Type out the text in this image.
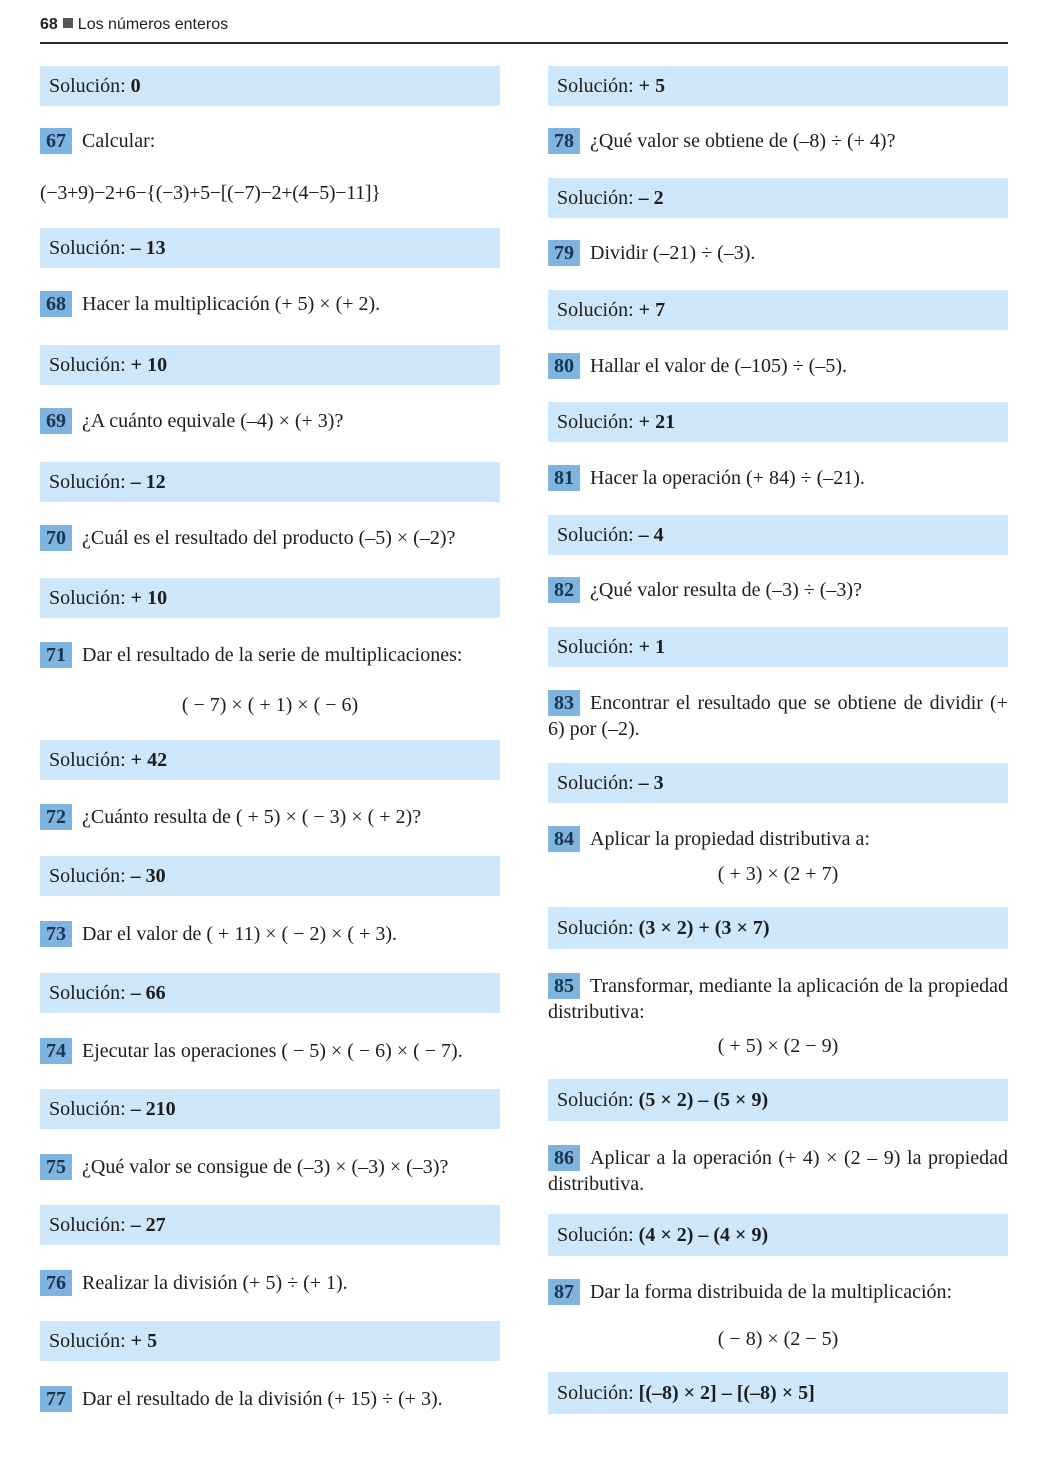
68 Los números enteros
Solución: 0
67 Calcular:
(−3+9)−2+6−{(−3)+5−[(−7)−2+(4−5)−11]}
Solución: – 13
68 Hacer la multiplicación (+ 5) × (+ 2).
Solución: + 10
69 ¿A cuánto equivale (–4) × (+ 3)?
Solución: – 12
70 ¿Cuál es el resultado del producto (–5) × (–2)?
Solución: + 10
71 Dar el resultado de la serie de multiplicaciones:
( − 7) × ( + 1) × ( − 6)
Solución: + 42
72 ¿Cuánto resulta de ( + 5) × ( − 3) × ( + 2)?
Solución: – 30
73 Dar el valor de ( + 11) × ( − 2) × ( + 3).
Solución: – 66
74 Ejecutar las operaciones ( − 5) × ( − 6) × ( − 7).
Solución: – 210
75 ¿Qué valor se consigue de (–3) × (–3) × (–3)?
Solución: – 27
76 Realizar la división (+ 5) ÷ (+ 1).
Solución: + 5
77 Dar el resultado de la división (+ 15) ÷ (+ 3).
Solución: + 5
78 ¿Qué valor se obtiene de (–8) ÷ (+ 4)?
Solución: – 2
79 Dividir (–21) ÷ (–3).
Solución: + 7
80 Hallar el valor de (–105) ÷ (–5).
Solución: + 21
81 Hacer la operación (+ 84) ÷ (–21).
Solución: – 4
82 ¿Qué valor resulta de (–3) ÷ (–3)?
Solución: + 1
83 Encontrar el resultado que se obtiene de dividir (+ 6) por (–2).
Solución: – 3
84 Aplicar la propiedad distributiva a:
( + 3) × (2 + 7)
Solución: (3 × 2) + (3 × 7)
85 Transformar, mediante la aplicación de la propiedad distributiva:
( + 5) × (2 − 9)
Solución: (5 × 2) – (5 × 9)
86 Aplicar a la operación (+ 4) × (2 – 9) la propiedad distributiva.
Solución: (4 × 2) – (4 × 9)
87 Dar la forma distribuida de la multiplicación:
( − 8) × (2 − 5)
Solución: [(–8) × 2] – [(–8) × 5]
